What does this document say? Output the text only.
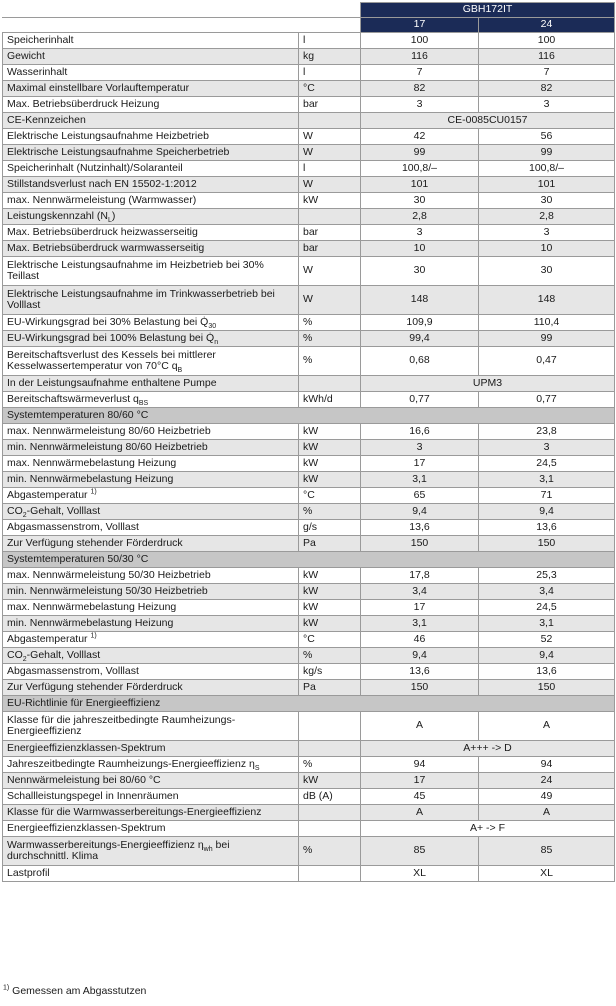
		GBH172IT	
		17	24
Speicherinhalt	l	100	100
Gewicht	kg	116	116
Wasserinhalt	l	7	7
Maximal einstellbare Vorlauftemperatur	°C	82	82
Max. Betriebsüberdruck Heizung	bar	3	3
CE-Kennzeichen		CE-0085CU0157	
Elektrische Leistungsaufnahme Heizbetrieb	W	42	56
Elektrische Leistungsaufnahme Speicherbetrieb	W	99	99
Speicherinhalt (Nutzinhalt)/Solaranteil	l	100,8/–	100,8/–
Stillstandsverlust nach EN 15502-1:2012	W	101	101
max. Nennwärmeleistung (Warmwasser)	kW	30	30
Leistungskennzahl $(N_L)$		2,8	2,8
Max. Betriebsüberdruck heizwasserseitig	bar	3	3
Max. Betriebsüberdruck warmwasserseitig	bar	10	10
Elektrische Leistungsaufnahme im Heizbetrieb bei 30% Teillast	W	30	30
Elektrische Leistungsaufnahme im Trinkwasserbetrieb bei Volllast	W	148	148
EU-Wirkungsgrad bei 30% Belastung bei $Q̇_{30}$	%	109,9	110,4
EU-Wirkungsgrad bei 100% Belastung bei $Q̇_n$	%	99,4	99
Bereitschaftsverlust des Kessels bei mittlerer Kesselwassertemperatur von 70°C $q_B$	%	0,68	0,47
In der Leistungsaufnahme enthaltene Pumpe		UPM3	
Bereitschaftswärmeverlust $q_{BS}$	kWh/d	0,77	0,77
Systemtemperaturen 80/60 °C			
max. Nennwärmeleistung 80/60 Heizbetrieb	kW	16,6	23,8
min. Nennwärmeleistung 80/60 Heizbetrieb	kW	3	3
max. Nennwärmebelastung Heizung	kW	17	24,5
min. Nennwärmebelastung Heizung	kW	3,1	3,1
Abgastemperatur $^{1)}$	°C	65	71
$CO_2$-Gehalt, Volllast	%	9,4	9,4
Abgasmassenstrom, Volllast	g/s	13,6	13,6
Zur Verfügung stehender Förderdruck	Pa	150	150
Systemtemperaturen 50/30 °C			
max. Nennwärmeleistung 50/30 Heizbetrieb	kW	17,8	25,3
min. Nennwärmeleistung 50/30 Heizbetrieb	kW	3,4	3,4
max. Nennwärmebelastung Heizung	kW	17	24,5
min. Nennwärmebelastung Heizung	kW	3,1	3,1
Abgastemperatur $^{1)}$	°C	46	52
$CO_2$-Gehalt, Volllast	%	9,4	9,4
Abgasmassenstrom, Volllast	kg/s	13,6	13,6
Zur Verfügung stehender Förderdruck	Pa	150	150
EU-Richtlinie für Energieeffizienz			
Klasse für die jahreszeitbedingte Raumheizungs-Energieeffizienz		A	A
Energieeffizienzklassen-Spektrum		A+++ -> D	
Jahreszeitbedingte Raumheizungs-Energieeffizienz $\eta_S$	%	94	94
Nennwärmeleistung bei 80/60 °C	kW	17	24
Schallleistungspegel in Innenräumen	dB (A)	45	49
Klasse für die Warmwasserbereitungs-Energieeffizienz		A	A
Energieeffizienzklassen-Spektrum		A+ -> F	
Warmwasserbereitungs-Energieeffizienz $\eta_{wh}$ bei durchschnittl. Klima	%	85	85
Lastprofil		XL	XL
$^{1)}$ Gemessen am Abgasstutzen
